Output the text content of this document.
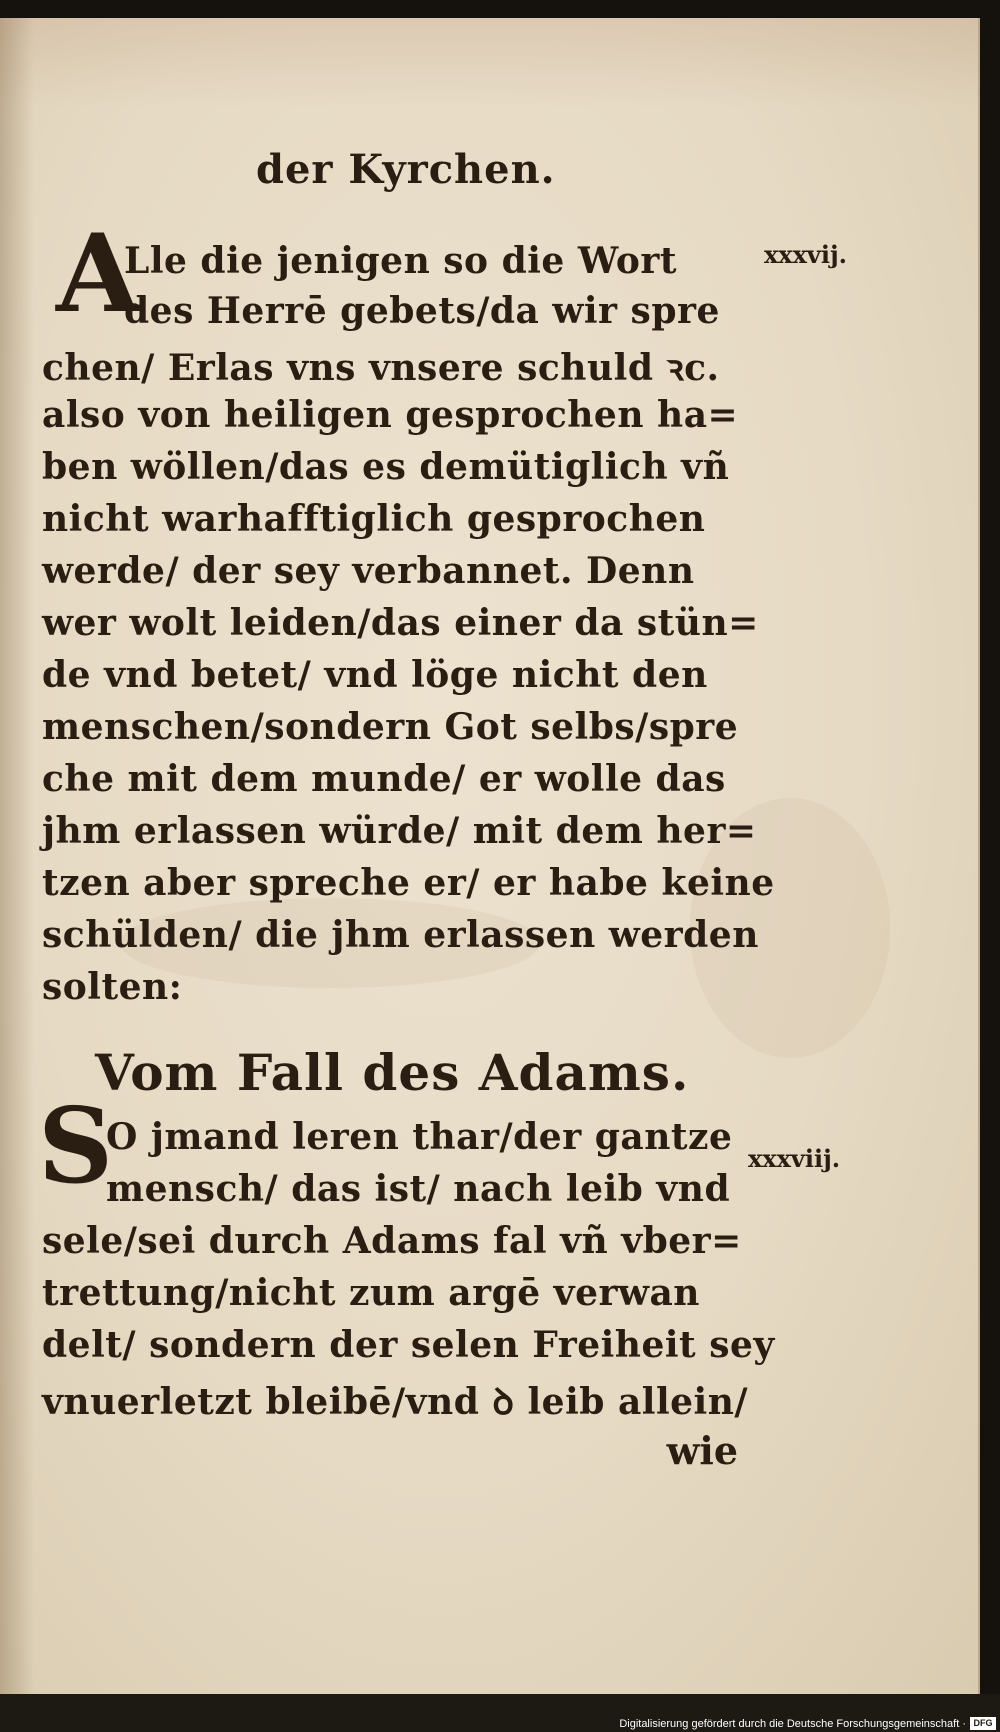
der Kyrchen.
A	xxxvij.
Lle die jenigen so die Wort
des Herrē gebets/da wir spre
chen/ Erlas vns vnsere schuld ꝛc.
also von heiligen gesprochen ha=
ben wöllen/das es demütiglich vñ
nicht warhafftiglich gesprochen
werde/ der sey verbannet. Denn
wer wolt leiden/das einer da stün=
de vnd betet/ vnd löge nicht den
menschen/sondern Got selbs/spre
che mit dem munde/ er wolle das
jhm erlassen würde/ mit dem her=
tzen aber spreche er/ er habe keine
schülden/ die jhm erlassen werden
solten:
Vom Fall des Adams.
S	xxxviij.
O jmand leren thar/der gantze
mensch/ das ist/ nach leib vnd
sele/sei durch Adams fal vñ vber=
trettung/nicht zum argē verwan
delt/ sondern der selen Freiheit sey
vnuerletzt bleibē/vnd ꝺ leib allein/
wie
Digitalisierung gefördert durch die Deutsche Forschungsgemeinschaft · DFG
